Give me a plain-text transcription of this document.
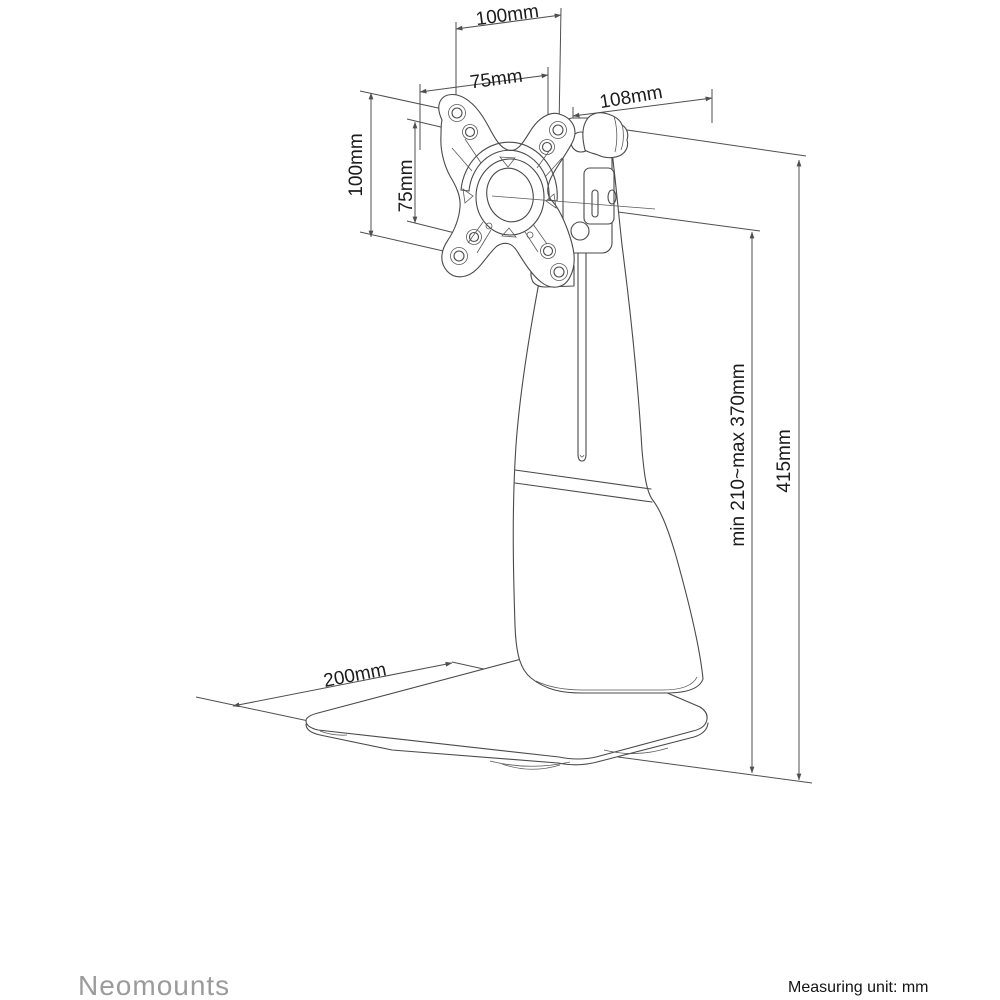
100mm
75mm
108mm
100mm 75mm
min 210~max 370mm 415mm
200mm
Neomounts	Measuring unit: mm
